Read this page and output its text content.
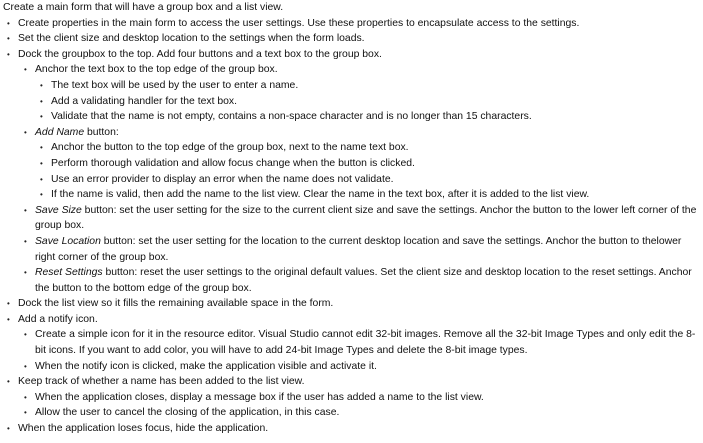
Create a main form that will have a group box and a list view.

• Create properties in the main form to access the user settings. Use these properties to encapsulate access to the settings.
• Set the client size and desktop location to the settings when the form loads.
• Dock the groupbox to the top. Add four buttons and a text box to the group box.
• Anchor the text box to the top edge of the group box.
• The text box will be used by the user to enter a name.
• Add a validating handler for the text box.
• Validate that the name is not empty, contains a non-space character and is no longer than 15 characters.
• Add Name button:
• Anchor the button to the top edge of the group box, next to the name text box.
• Perform thorough validation and allow focus change when the button is clicked.
• Use an error provider to display an error when the name does not validate.
• If the name is valid, then add the name to the list view. Clear the name in the text box, after it is added to the list view.
• Save Size button: set the user setting for the size to the current client size and save the settings. Anchor the button to the lower left corner of the group box.
• Save Location button: set the user setting for the location to the current desktop location and save the settings. Anchor the button to thelower right corner of the group box.
• Reset Settings button: reset the user settings to the original default values. Set the client size and desktop location to the reset settings. Anchor the button to the bottom edge of the group box.
• Dock the list view so it fills the remaining available space in the form.
• Add a notify icon.
• Create a simple icon for it in the resource editor. Visual Studio cannot edit 32-bit images. Remove all the 32-bit Image Types and only edit the 8-bit icons. If you want to add color, you will have to add 24-bit Image Types and delete the 8-bit image types.
• When the notify icon is clicked, make the application visible and activate it.
• Keep track of whether a name has been added to the list view.
• When the application closes, display a message box if the user has added a name to the list view.
• Allow the user to cancel the closing of the application, in this case.
• When the application loses focus, hide the application.
